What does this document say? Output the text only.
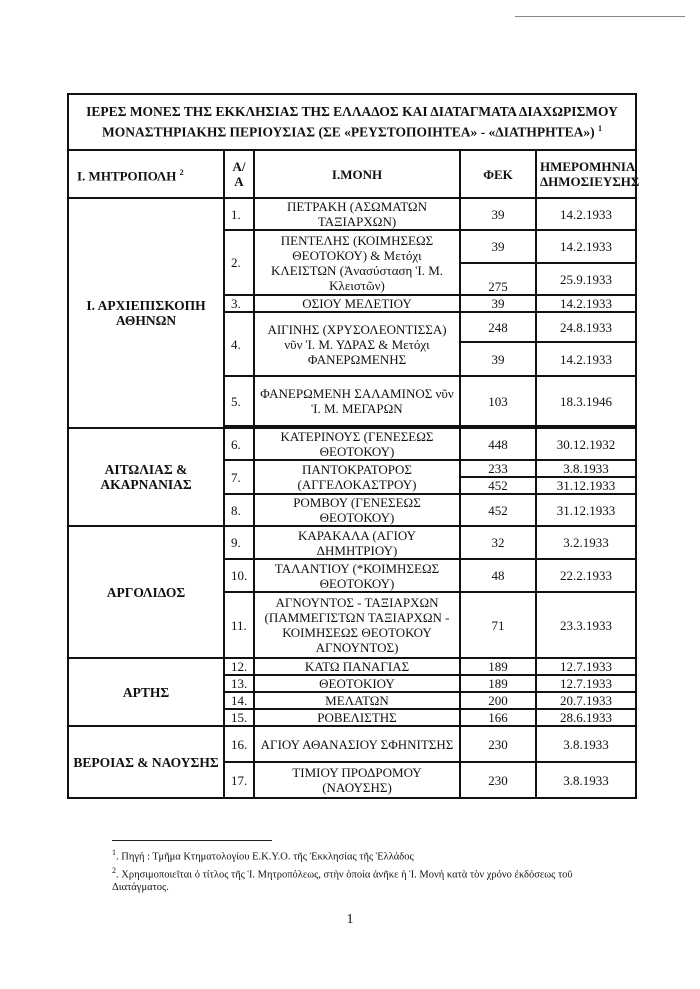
ΙΕΡΕΣ ΜΟΝΕΣ ΤΗΣ ΕΚΚΛΗΣΙΑΣ ΤΗΣ ΕΛΛΑΔΟΣ ΚΑΙ ΔΙΑΤΑΓΜΑΤΑ ΔΙΑΧΩΡΙΣΜΟΥ ΜΟΝΑΣΤΗΡΙΑΚΗΣ ΠΕΡΙΟΥΣΙΑΣ (ΣΕ «ΡΕΥΣΤΟΠΟΙΗΤΕΑ» - «ΔΙΑΤΗΡΗΤΕΑ») $^1$
Ι. ΜΗΤΡΟΠΟΛΗ $^2$	Α/Α	Ι.ΜΟΝΗ	ΦΕΚ	ΗΜΕΡΟΜΗΝΙΑ ΔΗΜΟΣΙΕΥΣΗΣ
Ι. ΑΡΧΙΕΠΙΣΚΟΠΗ ΑΘΗΝΩΝ	1.	ΠΕΤΡΑΚΗ (ΑΣΩΜΑΤΩΝ ΤΑΞΙΑΡΧΩΝ)	39	14.2.1933
	2.	ΠΕΝΤΕΛΗΣ (ΚΟΙΜΗΣΕΩΣ ΘΕΟΤΟΚΟΥ) & Μετόχι ΚΛΕΙΣΤΩΝ (Ἀνασύσταση Ἱ. Μ. Κλειστῶν)	39	14.2.1933
			275	25.9.1933
	3.	ΟΣΙΟΥ ΜΕΛΕΤΙΟΥ	39	14.2.1933
	4.	ΑΙΓΙΝΗΣ (ΧΡΥΣΟΛΕΟΝΤΙΣΣΑ) νῦν Ἱ. Μ. ΥΔΡΑΣ & Μετόχι ΦΑΝΕΡΩΜΕΝΗΣ	248	24.8.1933
			39	14.2.1933
	5.	ΦΑΝΕΡΩΜΕΝΗ ΣΑΛΑΜΙΝΟΣ νῦν Ἱ. Μ. ΜΕΓΑΡΩΝ	103	18.3.1946

ΑΙΤΩΛΙΑΣ & ΑΚΑΡΝΑΝΙΑΣ	6.	ΚΑΤΕΡΙΝΟΥΣ (ΓΕΝΕΣΕΩΣ ΘΕΟΤΟΚΟΥ)	448	30.12.1932
	7.	ΠΑΝΤΟΚΡΑΤΟΡΟΣ (ΑΓΓΕΛΟΚΑΣΤΡΟΥ)	233	3.8.1933
			452	31.12.1933
	8.	ΡΟΜΒΟΥ (ΓΕΝΕΣΕΩΣ ΘΕΟΤΟΚΟΥ)	452	31.12.1933
ΑΡΓΟΛΙΔΟΣ	9.	ΚΑΡΑΚΑΛΑ (ΑΓΙΟΥ ΔΗΜΗΤΡΙΟΥ)	32	3.2.1933
	10.	ΤΑΛΑΝΤΙΟΥ (*ΚΟΙΜΗΣΕΩΣ ΘΕΟΤΟΚΟΥ)	48	22.2.1933
	11.	ΑΓΝΟΥΝΤΟΣ - ΤΑΞΙΑΡΧΩΝ (ΠΑΜΜΕΓΙΣΤΩΝ ΤΑΞΙΑΡΧΩΝ - ΚΟΙΜΗΣΕΩΣ ΘΕΟΤΟΚΟΥ ΑΓΝΟΥΝΤΟΣ)	71	23.3.1933
ΑΡΤΗΣ	12.	ΚΑΤΩ ΠΑΝΑΓΙΑΣ	189	12.7.1933
	13.	ΘΕΟΤΟΚΙΟΥ	189	12.7.1933
	14.	ΜΕΛΑΤΩΝ	200	20.7.1933
	15.	ΡΟΒΕΛΙΣΤΗΣ	166	28.6.1933
ΒΕΡΟΙΑΣ & ΝΑΟΥΣΗΣ	16.	ΑΓΙΟΥ ΑΘΑΝΑΣΙΟΥ ΣΦΗΝΙΤΣΗΣ	230	3.8.1933
	17.	ΤΙΜΙΟΥ ΠΡΟΔΡΟΜΟΥ (ΝΑΟΥΣΗΣ)	230	3.8.1933

$^1$. Πηγή : Τμῆμα Κτηματολογίου Ε.Κ.Υ.Ο. τῆς Ἐκκλησίας τῆς Ἑλλάδος

$^2$. Χρησιμοποιεῖται ὁ τίτλος τῆς Ἱ. Μητροπόλεως, στὴν ὁποία ἀνῆκε ἡ Ἱ. Μονή κατὰ τὸν χρόνο ἐκδόσεως τοῦ Διατάγματος.

1
